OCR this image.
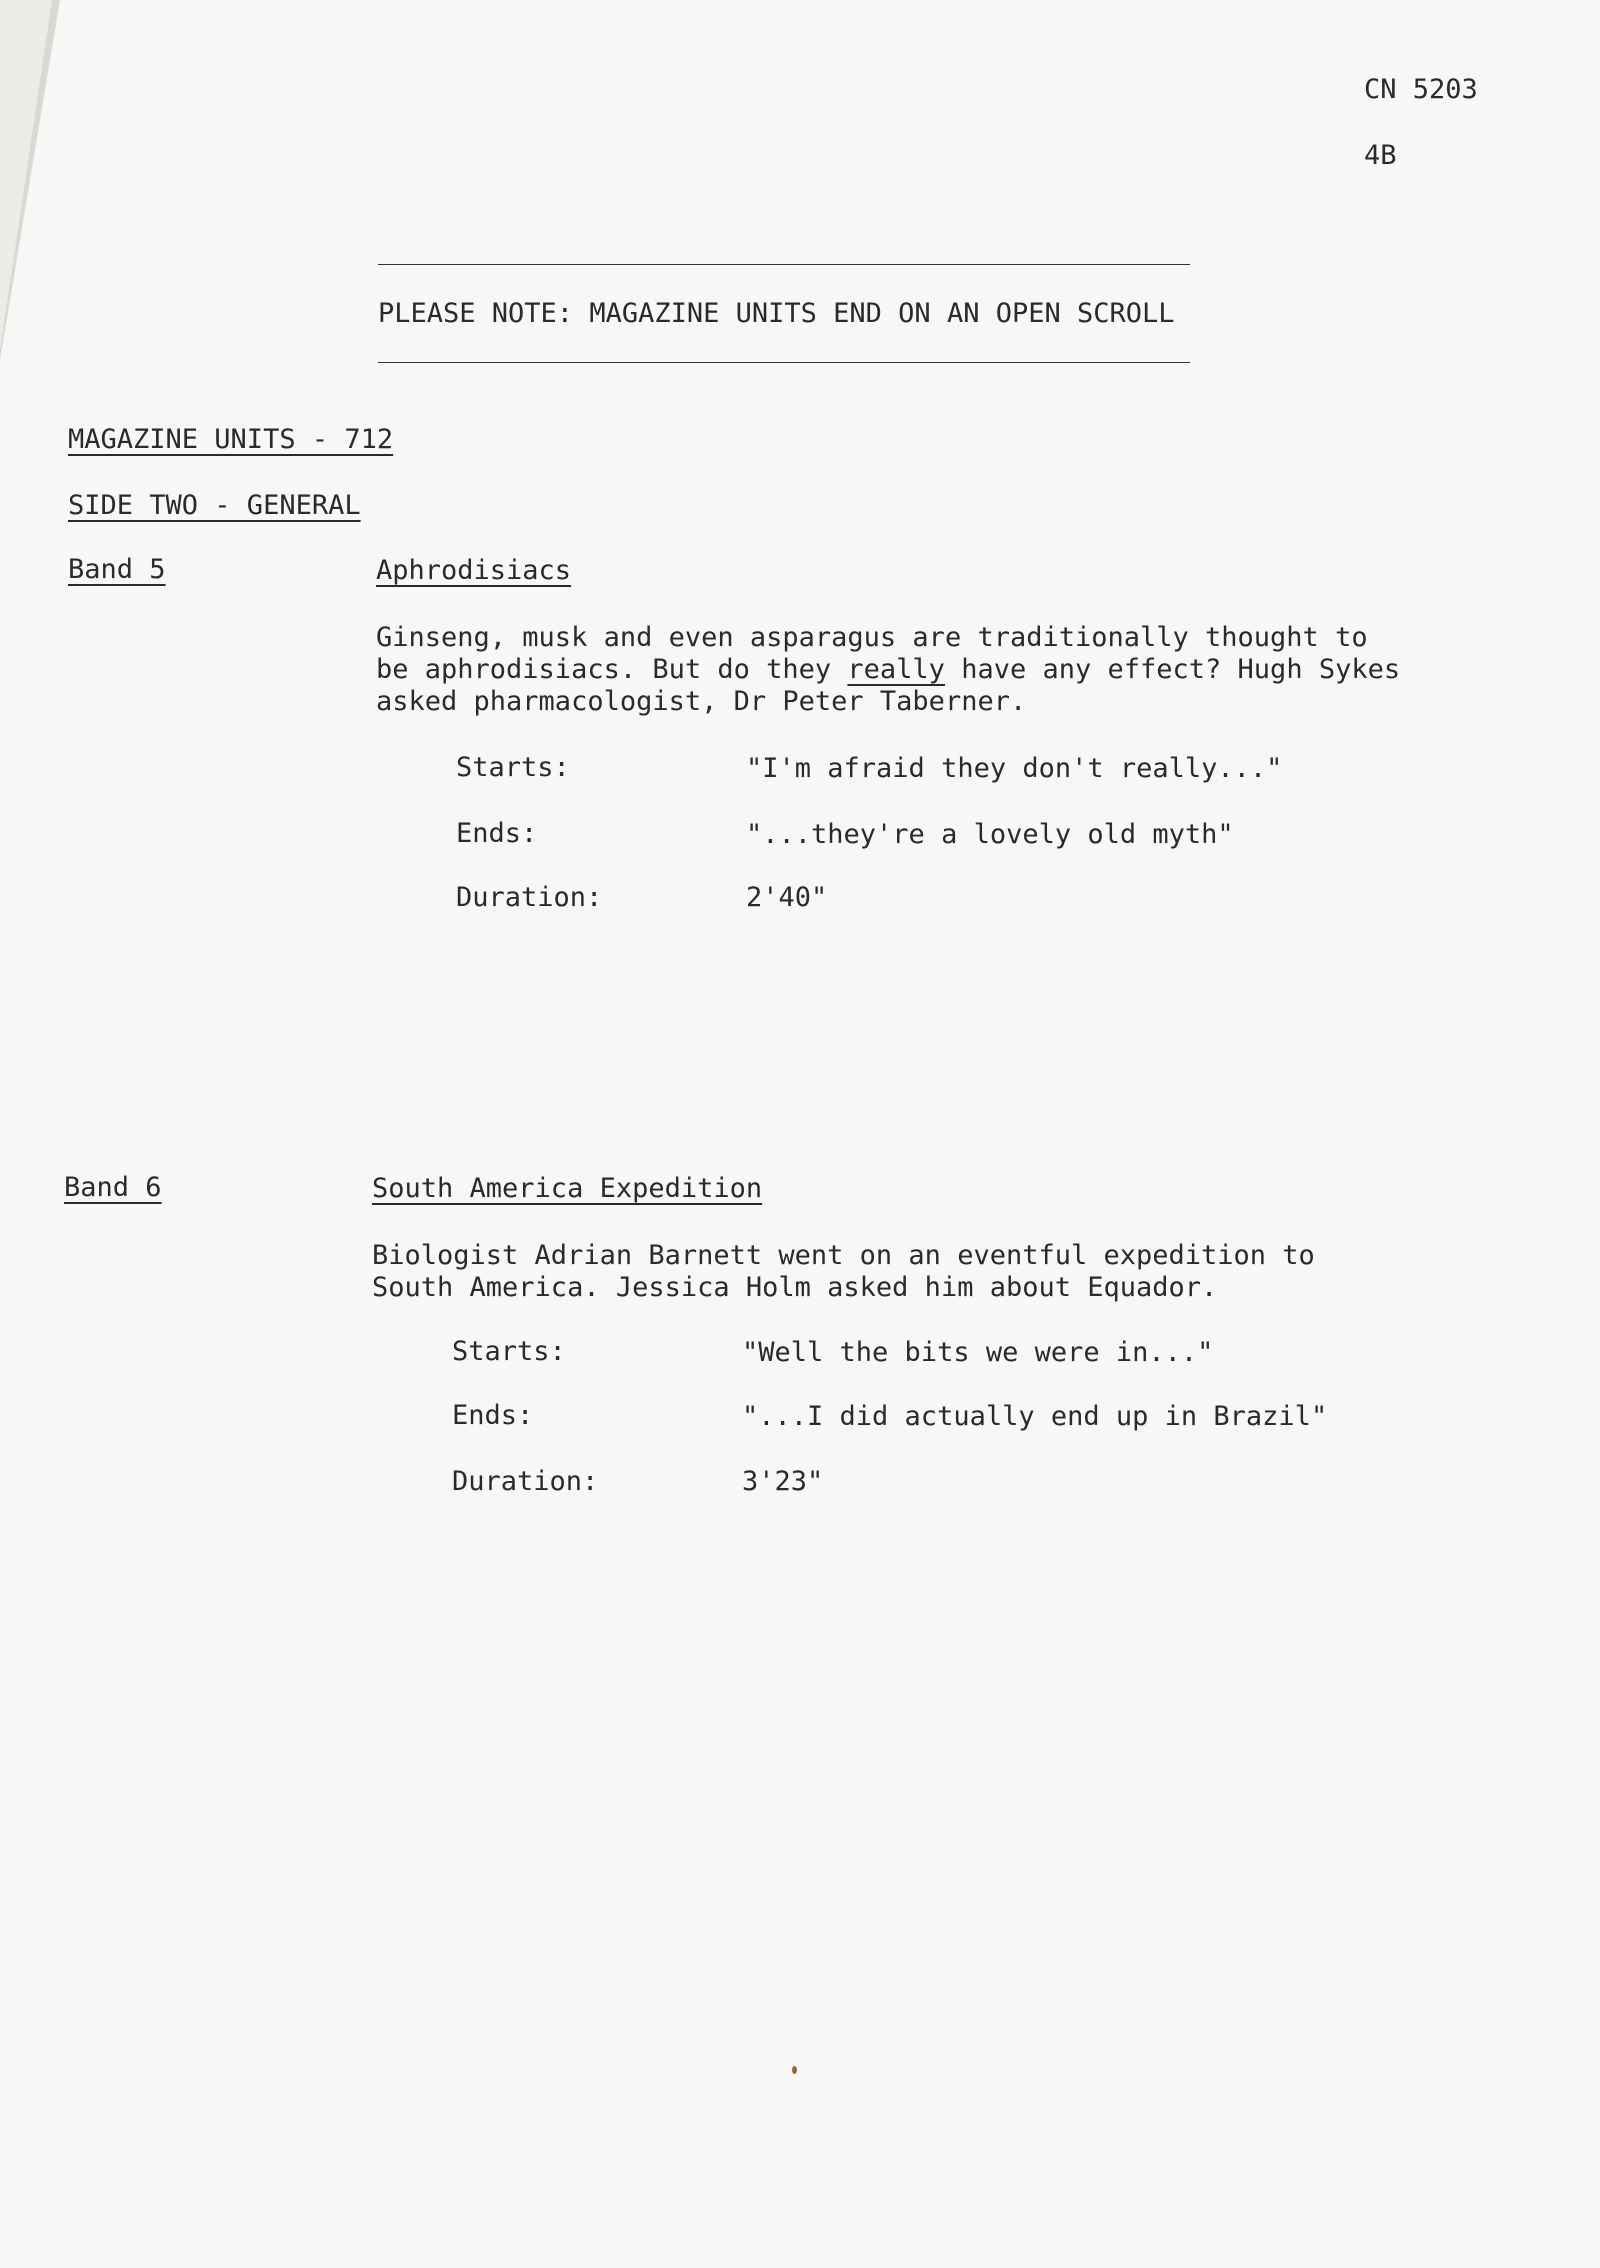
CN 5203
4B
PLEASE NOTE: MAGAZINE UNITS END ON AN OPEN SCROLL
MAGAZINE UNITS - 712
SIDE TWO - GENERAL
Band 5	Aphrodisiacs
Ginseng, musk and even asparagus are traditionally thought to
be aphrodisiacs. But do they really have any effect? Hugh Sykes
asked pharmacologist, Dr Peter Taberner.
Starts:	"I'm afraid they don't really..."
Ends:	"...they're a lovely old myth"
Duration:	2'40"
Band 6	South America Expedition
Biologist Adrian Barnett went on an eventful expedition to
South America. Jessica Holm asked him about Equador.
Starts:	"Well the bits we were in..."
Ends:	"...I did actually end up in Brazil"
Duration:	3'23"
